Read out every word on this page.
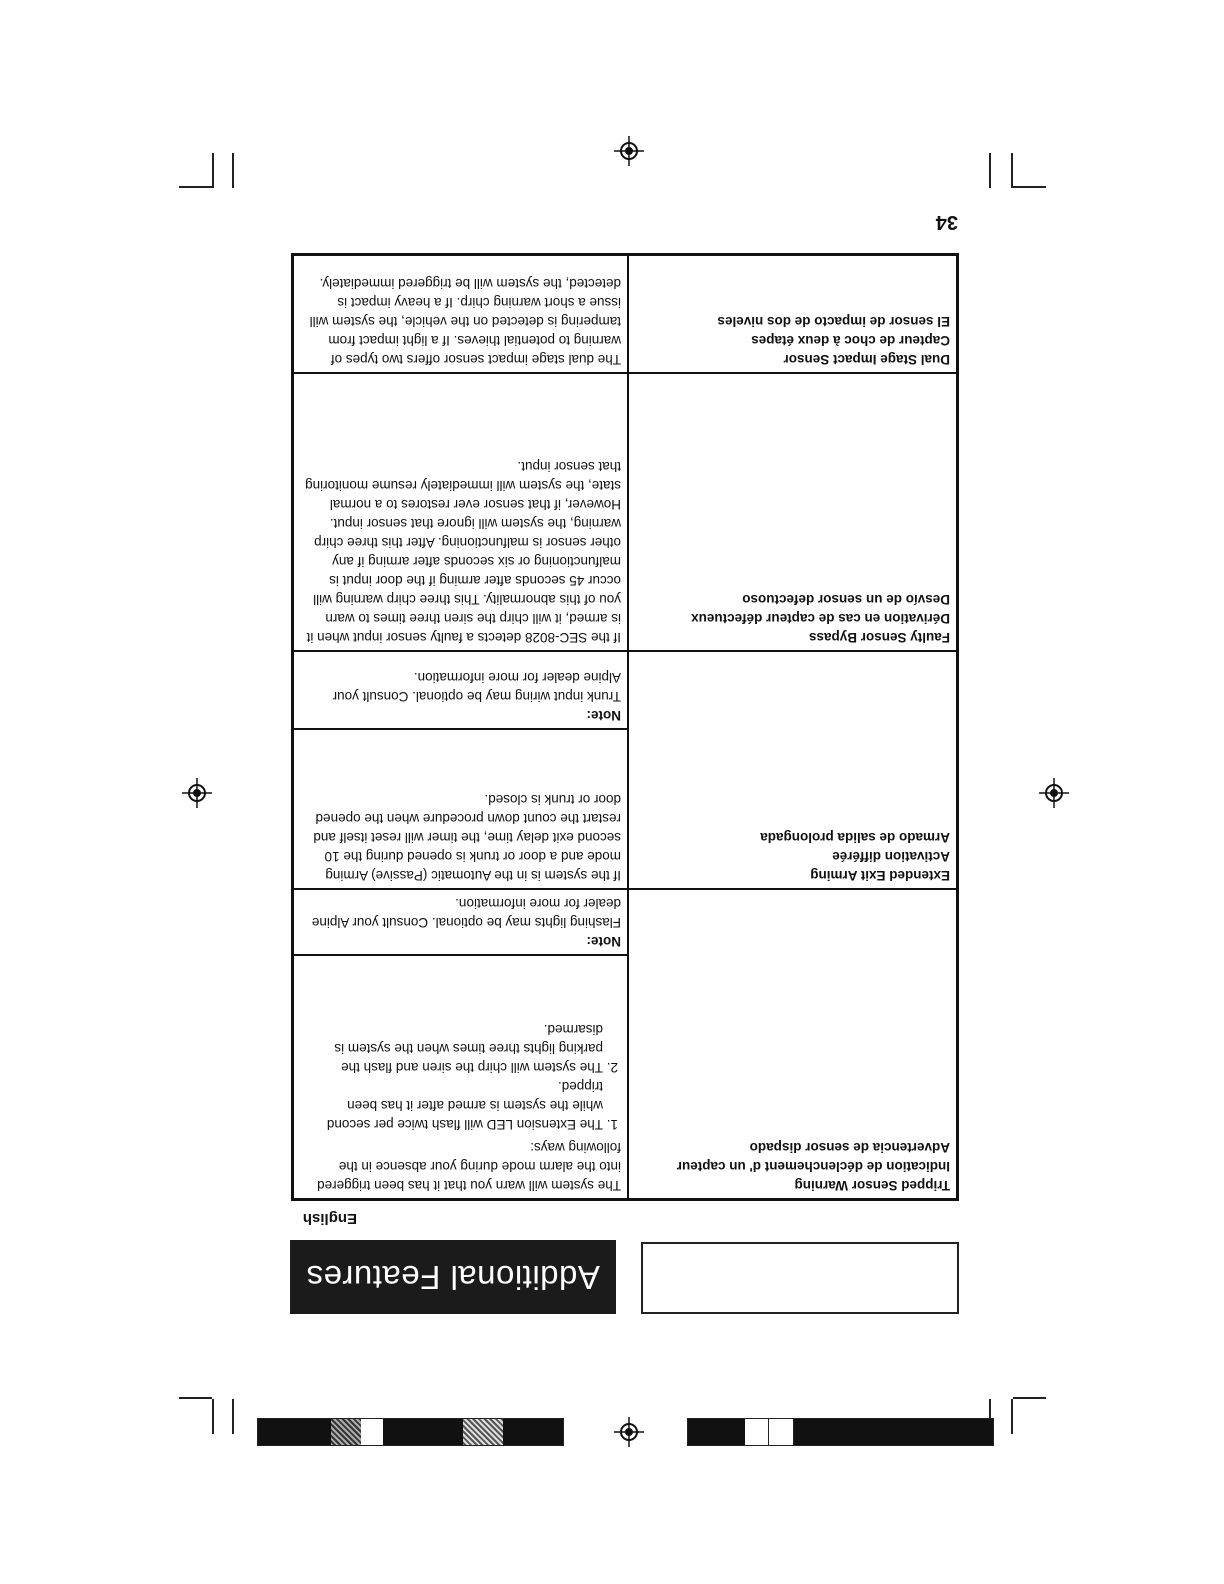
Additional Features
English
Tripped Sensor Warning
Indication de déclenchement d' un capteur
Advertencia de sensor dispado
The system will warn you that it has been triggered into the alarm mode during your absence in the following ways:
1. The Extension LED will flash twice per second while the system is armed after it has been tripped.
2. The system will chirp the siren and flash the parking lights three times when the system is disarmed.
Note:
Flashing lights may be optional. Consult your Alpine dealer for more information.
Extended Exit Arming
Activation différée
Armado de salida prolongada
If the system is in the Automatic (Passive) Arming mode and a door or trunk is opened during the 10 second exit delay time, the timer will reset itself and restart the count down procedure when the opened door or trunk is closed.
Note:
Trunk input wiring may be optional. Consult your Alpine dealer for more information.
Faulty Sensor Bypass
Dérivation en cas de capteur défectueux
Desvío de un sensor defectuoso
If the SEC-8028 detects a faulty sensor input when it is armed, it will chirp the siren three times to warn you of this abnormality. This three chirp warning will occur 45 seconds after arming if the door input is malfunctioning or six seconds after arming if any other sensor is malfunctioning. After this three chirp warning, the system will ignore that sensor input. However, if that sensor ever restores to a normal state, the system will immediately resume monitoring that sensor input.
Dual Stage Impact Sensor
Capteur de choc à deux étapes
El sensor de impacto de dos niveles
The dual stage impact sensor offers two types of warning to potential thieves. If a light impact from tampering is detected on the vehicle, the system will issue a short warning chirp. If a heavy impact is detected, the system will be triggered immediately.
34
